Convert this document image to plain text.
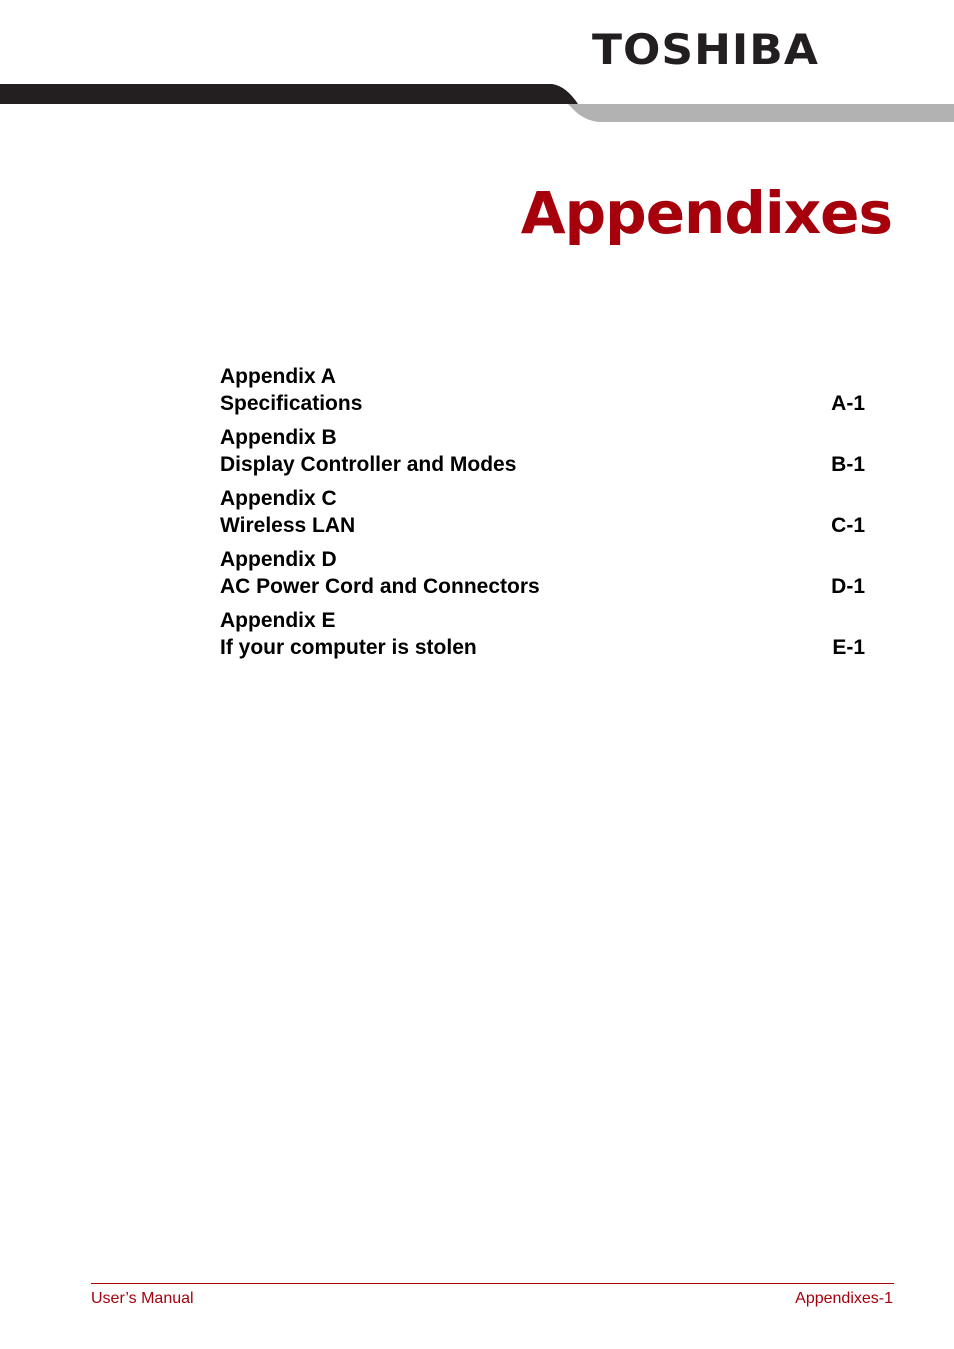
TOSHIBA
Appendixes
Appendix A
Specifications	A-1
Appendix B
Display Controller and Modes	B-1
Appendix C
Wireless LAN	C-1
Appendix D
AC Power Cord and Connectors	D-1
Appendix E
If your computer is stolen	E-1
User’s Manual	Appendixes-1
